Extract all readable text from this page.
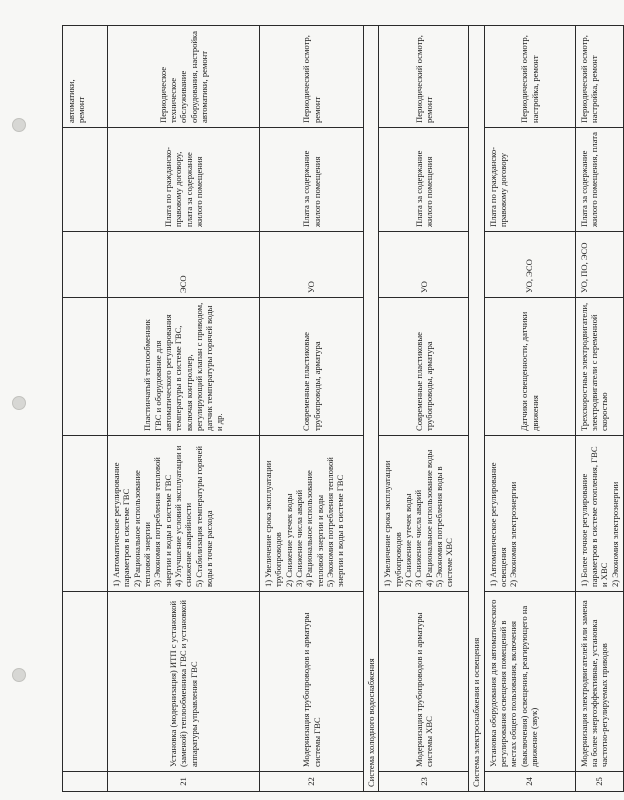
						автоматики,
ремонт
21	Установка (модернизация) ИТП с установкой (заменой) теплообменника ГВС и установкой аппаратуры управления ГВС	1) Автоматическое регулирование параметров в системе ГВС
2) Рациональное использование тепловой энергии
3) Экономия потребления тепловой энергии и воды в системе ГВС
4) Улучшение условий эксплуатации и снижение аварийности
5) Стабилизация температуры горячей воды в точке расхода	Пластинчатый теплообменник ГВС и оборудование для автоматического регулирования температуры в системе ГВС, включая контроллер, регулирующий клапан с приводом, датчик температуры горячей воды и др.	ЭСО	Плата по гражданско-правовому договору, плата за содержание жилого помещения	Периодическое техническое обслуживание оборудования, настройка автоматики, ремонт
22	Модернизация трубопроводов и арматуры системы ГВС	1) Увеличение срока эксплуатации трубопроводов
2) Снижение утечек воды
3) Снижение числа аварий
4) Рациональное использование тепловой энергии и воды
5) Экономия потребления тепловой энергии и воды в системе ГВС	Современные пластиковые трубопроводы, арматура	УО	Плата за содержание жилого помещения	Периодический осмотр, ремонт
Система холодного водоснабжения						
23	Модернизация трубопроводов и арматуры системы ХВС	1) Увеличение срока эксплуатации трубопроводов
2) Снижение утечек воды
3) Снижение числа аварий
4) Рациональное использование воды
5) Экономия потребления воды в системе ХВС	Современные пластиковые трубопроводы, арматура	УО	Плата за содержание жилого помещения	Периодический осмотр, ремонт
Система электроснабжения и освещения						
24	Установка оборудования для автоматического регулирования освещения помещений в местах общего пользования, включения (выключения) освещения, реагирующего на движение (звук)	1) Автоматическое регулирование освещения
2) Экономия электроэнергии	Датчики освещенности, датчики движения	УО, ЭСО	Плата по гражданско-правовому договору	Периодический осмотр, настройка, ремонт
25	Модернизация электродвигателей или замена на более энергоэффективные, установка частотно-регулируемых приводов	1) Более точное регулирование параметров в системе отопления, ГВС и ХВС
2) Экономия электроэнергии	Трехскоростные электродвигатели, электродвигатели с переменной скоростью	УО, ПО, ЭСО	Плата за содержание жилого помещения, плата	Периодический осмотр, настройка, ремонт
